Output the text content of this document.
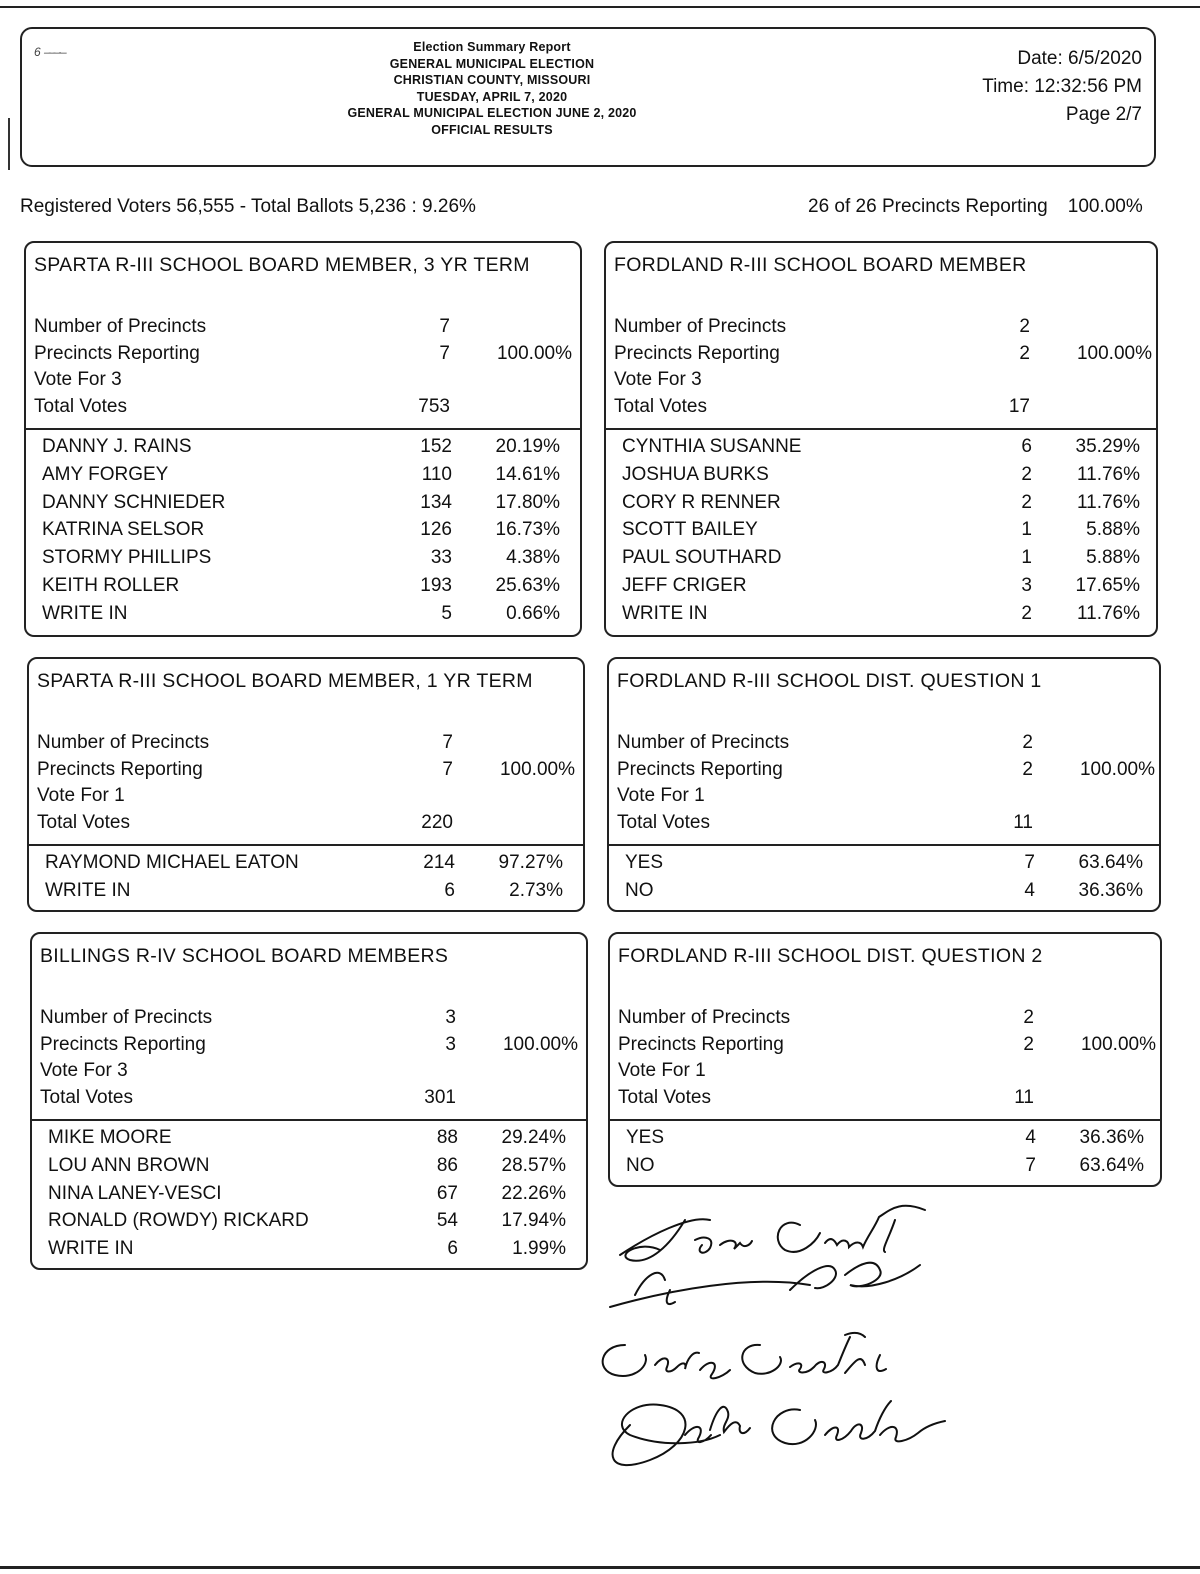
6 –––·–	Election Summary Report
GENERAL MUNICIPAL ELECTION
CHRISTIAN COUNTY, MISSOURI
TUESDAY, APRIL 7, 2020
GENERAL MUNICIPAL ELECTION JUNE 2, 2020
OFFICIAL RESULTS
Date: 6/5/2020
Time: 12:32:56 PM
Page 2/7
Registered Voters 56,555 - Total Ballots 5,236 : 9.26%	26 of 26 Precincts Reporting 100.00%
SPARTA R-III SCHOOL BOARD MEMBER, 3 YR TERM
Number of Precincts	7
Precincts Reporting	7	100.00%
Vote For 3
Total Votes	753
DANNY J. RAINS	152	20.19%
AMY FORGEY	110	14.61%
DANNY SCHNIEDER	134	17.80%
KATRINA SELSOR	126	16.73%
STORMY PHILLIPS	33	4.38%
KEITH ROLLER	193	25.63%
WRITE IN	5	0.66%
FORDLAND R-III SCHOOL BOARD MEMBER
Number of Precincts	2
Precincts Reporting	2	100.00%
Vote For 3
Total Votes	17
CYNTHIA SUSANNE	6	35.29%
JOSHUA BURKS	2	11.76%
CORY R RENNER	2	11.76%
SCOTT BAILEY	1	5.88%
PAUL SOUTHARD	1	5.88%
JEFF CRIGER	3	17.65%
WRITE IN	2	11.76%
SPARTA R-III SCHOOL BOARD MEMBER, 1 YR TERM
Number of Precincts	7
Precincts Reporting	7	100.00%
Vote For 1
Total Votes	220
RAYMOND MICHAEL EATON	214	97.27%
WRITE IN	6	2.73%
FORDLAND R-III SCHOOL DIST. QUESTION 1
Number of Precincts	2
Precincts Reporting	2	100.00%
Vote For 1
Total Votes	11
YES	7	63.64%
NO	4	36.36%
BILLINGS R-IV SCHOOL BOARD MEMBERS
Number of Precincts	3
Precincts Reporting	3	100.00%
Vote For 3
Total Votes	301
MIKE MOORE	88	29.24%
LOU ANN BROWN	86	28.57%
NINA LANEY-VESCI	67	22.26%
RONALD (ROWDY) RICKARD	54	17.94%
WRITE IN	6	1.99%
FORDLAND R-III SCHOOL DIST. QUESTION 2
Number of Precincts	2
Precincts Reporting	2	100.00%
Vote For 1
Total Votes	11
YES	4	36.36%
NO	7	63.64%
